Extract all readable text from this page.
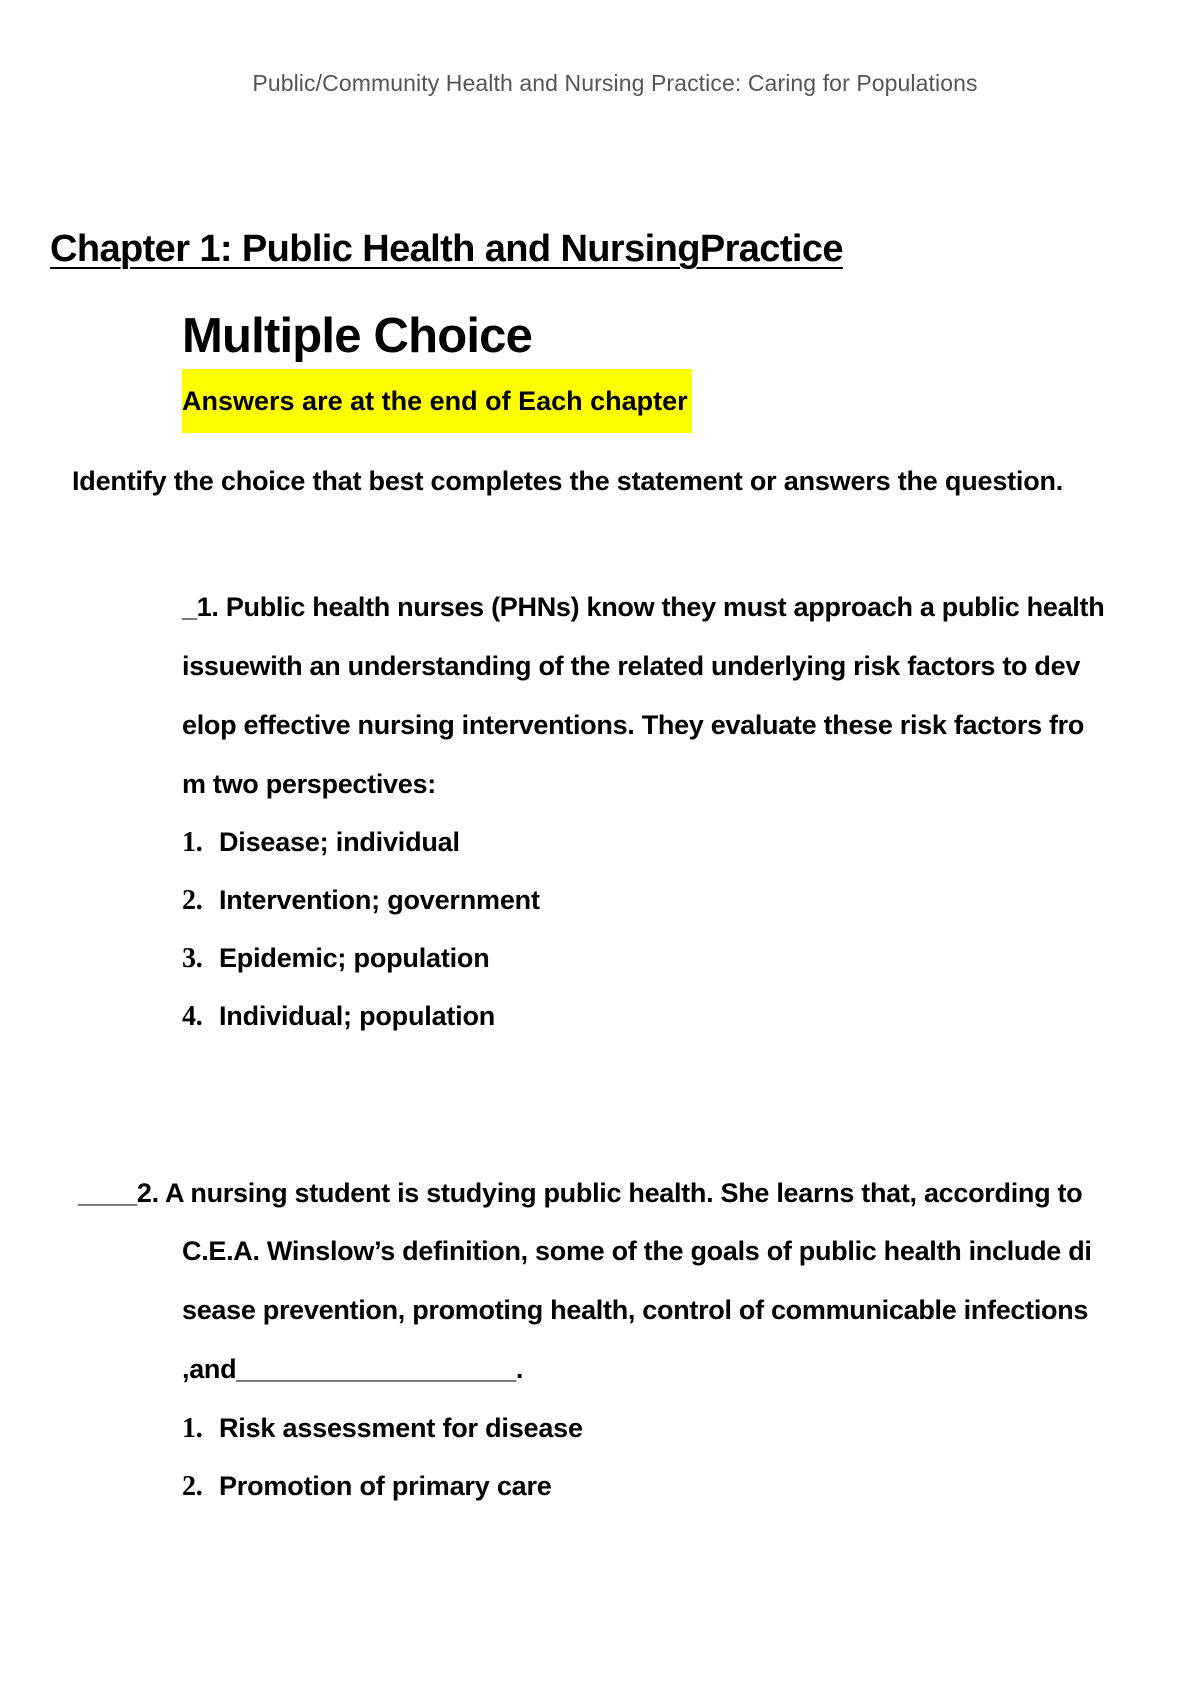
Public/Community Health and Nursing Practice: Caring for Populations
Chapter 1: Public Health and NursingPractice
Multiple Choice
Answers are at the end of Each chapter
Identify the choice that best completes the statement or answers the question.
_1. Public health nurses (PHNs) know they must approach a public health
issuewith an understanding of the related underlying risk factors to dev
elop effective nursing interventions. They evaluate these risk factors fro
m two perspectives:
1. Disease; individual
2. Intervention; government
3. Epidemic; population
4. Individual; population
____2. A nursing student is studying public health. She learns that, according to
C.E.A. Winslow’s definition, some of the goals of public health include di
sease prevention, promoting health, control of communicable infections
,and___________________.
1. Risk assessment for disease
2. Promotion of primary care
